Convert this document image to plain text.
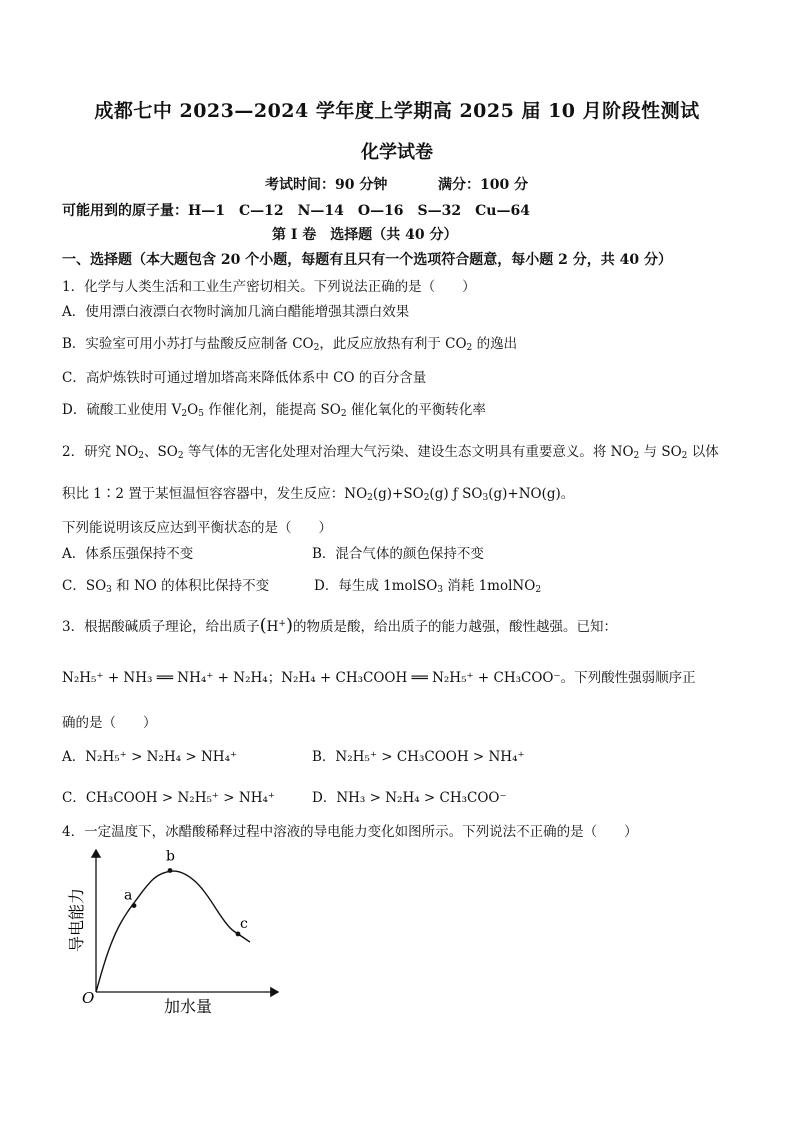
成都七中 2023—2024 学年度上学期高 2025 届 10 月阶段性测试
化学试卷
考试时间：90 分钟	满分：100 分
可能用到的原子量：H—1　C—12　N—14　O—16　S—32　Cu—64
第 I 卷　选择题（共 40 分）
一、选择题（本大题包含 20 个小题，每题有且只有一个选项符合题意，每小题 2 分，共 40 分）
1．化学与人类生活和工业生产密切相关。下列说法正确的是（　　）
A．使用漂白液漂白衣物时滴加几滴白醋能增强其漂白效果
B．实验室可用小苏打与盐酸反应制备 $CO_2$，此反应放热有利于 $CO_2$ 的逸出
C．高炉炼铁时可通过增加塔高来降低体系中 CO 的百分含量
D．硫酸工业使用 $V_2O_5$ 作催化剂，能提高 $SO_2$ 催化氧化的平衡转化率
2．研究 $NO_2$、$SO_2$ 等气体的无害化处理对治理大气污染、建设生态文明具有重要意义。将 $NO_2$ 与 $SO_2$ 以体
积比 1∶2 置于某恒温恒容容器中，发生反应：$NO_2(g)+SO_2(g)$ ƒ $SO_3(g)+NO(g)$。
下列能说明该反应达到平衡状态的是（　　）
A．体系压强保持不变	B．混合气体的颜色保持不变
C．$SO_3$ 和 NO 的体积比保持不变	D．每生成 1molSO$_3$ 消耗 1molNO$_2$
3．根据酸碱质子理论，给出质子(H+)的物质是酸，给出质子的能力越强，酸性越强。已知：
N₂H₅⁺ + NH₃ ══ NH₄⁺ + N₂H₄；N₂H₄ + CH₃COOH ══ N₂H₅⁺ + CH₃COO⁻。下列酸性强弱顺序正
确的是（　　）
A．N₂H₅⁺ > N₂H₄ > NH₄⁺	B．N₂H₅⁺ > CH₃COOH > NH₄⁺
C．CH₃COOH > N₂H₅⁺ > NH₄⁺	D．NH₃ > N₂H₄ > CH₃COO⁻
4．一定温度下，冰醋酸稀释过程中溶液的导电能力变化如图所示。下列说法不正确的是（　　）
a
b
c
O	加水量
导电能力
